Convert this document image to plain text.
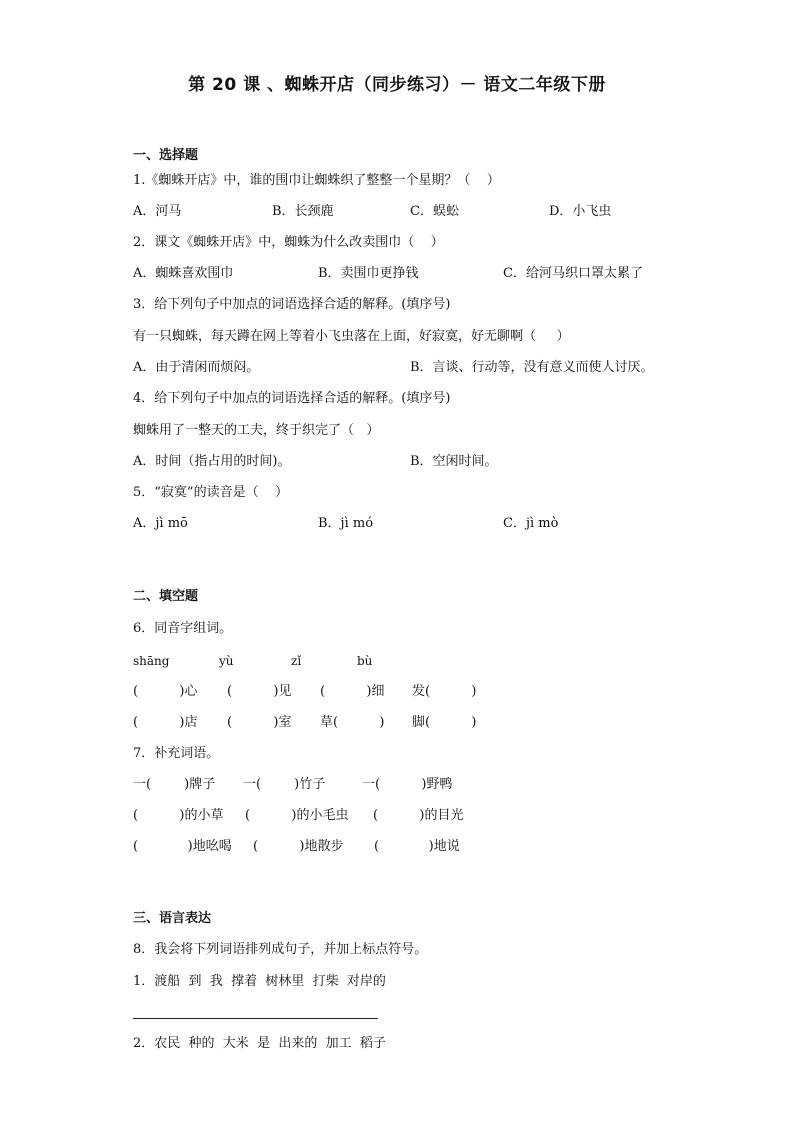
第 20 课 、蜘蛛开店（同步练习）－ 语文二年级下册
一、选择题
1.《蜘蛛开店》中，谁的围巾让蜘蛛织了整整一个星期？（    ）
A．河马	B．长颈鹿	C．蜈蚣	D．小飞虫
2．课文《蜘蛛开店》中，蜘蛛为什么改卖围巾（    ）
A．蜘蛛喜欢围巾	B．卖围巾更挣钱	C．给河马织口罩太累了
3．给下列句子中加点的词语选择合适的解释。(填序号)
有一只蜘蛛，每天蹲在网上等着小飞虫落在上面，好寂寞，好无聊啊（     ）
A．由于清闲而烦闷。	B．言谈、行动等，没有意义而使人讨厌。
4．给下列句子中加点的词语选择合适的解释。(填序号)
蜘蛛用了一整天的工夫，终于织完了（   ）
A．时间（指占用的时间)。	B．空闲时间。
5．“寂寞”的读音是（    ）
A．jì mō	B．jì mó	C．jì mò
二、填空题
6．同音字组词。
shāng	yù	zǐ	bù
(          )心 (          )见 (          )细 发(          )
(          )店 (          )室 草(          ) 脚(          )
7．补充词语。
一(        )牌子 一(        )竹子	一(          )野鸭
(          )的小草 (          )的小毛虫 (          )的目光
(            )地吆喝 (          )地散步 (            )地说
三、语言表达
8．我会将下列词语排列成句子，并加上标点符号。
1．渡船  到  我  撑着  树林里  打柴  对岸的
2．农民  种的  大米  是  出来的  加工  稻子
